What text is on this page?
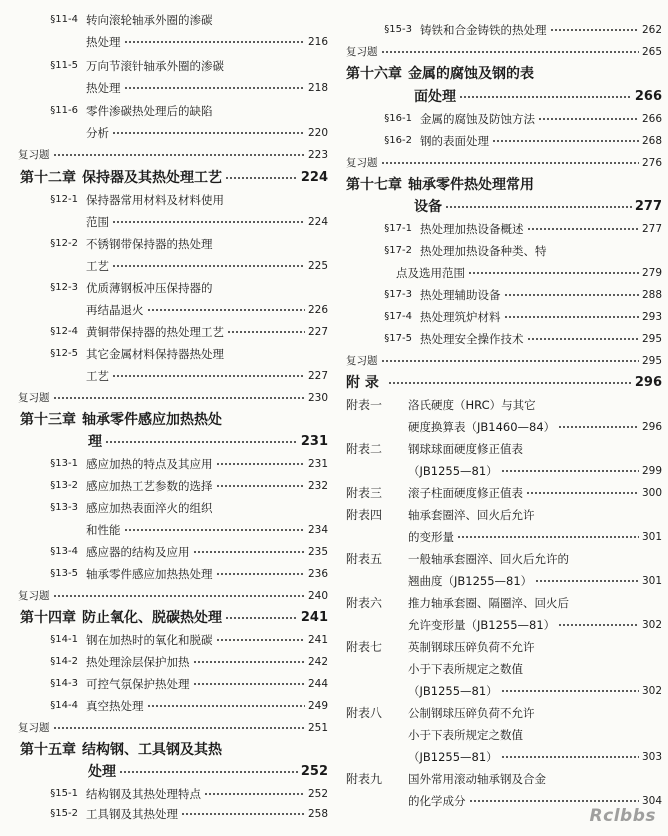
§11-4 转向滚轮轴承外圈的渗碳
热处理	216
§11-5 万向节滚针轴承外圈的渗碳
热处理	218
§11-6 零件渗碳热处理后的缺陷
分析	220
复习题	223
第十二章 保持器及其热处理工艺	224
§12-1 保持器常用材料及材料使用
范围	224
§12-2 不锈钢带保持器的热处理
工艺	225
§12-3 优质薄钢板冲压保持器的
再结晶退火	226
§12-4 黄铜带保持器的热处理工艺	227
§12-5 其它金属材料保持器热处理
工艺	227
复习题	230
第十三章 轴承零件感应加热热处
理	231
§13-1 感应加热的特点及其应用	231
§13-2 感应加热工艺参数的选择	232
§13-3 感应加热表面淬火的组织
和性能	234
§13-4 感应器的结构及应用	235
§13-5 轴承零件感应加热热处理	236
复习题	240
第十四章 防止氧化、脱碳热处理	241
§14-1 钢在加热时的氧化和脱碳	241
§14-2 热处理涂层保护加热	242
§14-3 可控气氛保护热处理	244
§14-4 真空热处理	249
复习题	251
第十五章 结构钢、工具钢及其热
处理	252
§15-1 结构钢及其热处理特点	252
§15-2 工具钢及其热处理	258
§15-3 铸铁和合金铸铁的热处理	262
复习题	265
第十六章 金属的腐蚀及钢的表
面处理	266
§16-1 金属的腐蚀及防蚀方法	266
§16-2 钢的表面处理	268
复习题	276
第十七章 轴承零件热处理常用
设备	277
§17-1 热处理加热设备概述	277
§17-2 热处理加热设备种类、特
点及选用范围	279
§17-3 热处理辅助设备	288
§17-4 热处理筑炉材料	293
§17-5 热处理安全操作技术	295
复习题	295
附 录	296
附表一	洛氏硬度（HRC）与其它
硬度换算表（JB1460—84）	296
附表二	钢球球面硬度修正值表
（JB1255—81）	299
附表三	滚子柱面硬度修正值表	300
附表四	轴承套圈淬、回火后允许
的变形量	301
附表五	一般轴承套圈淬、回火后允许的
翘曲度（JB1255—81）	301
附表六	推力轴承套圈、隔圈淬、回火后
允许变形量（JB1255—81）	302
附表七	英制钢球压碎负荷不允许
小于下表所规定之数值
（JB1255—81）	302
附表八	公制钢球压碎负荷不允许
小于下表所规定之数值
（JB1255—81）	303
附表九	国外常用滚动轴承钢及合金
的化学成分	304
Rclbbs
